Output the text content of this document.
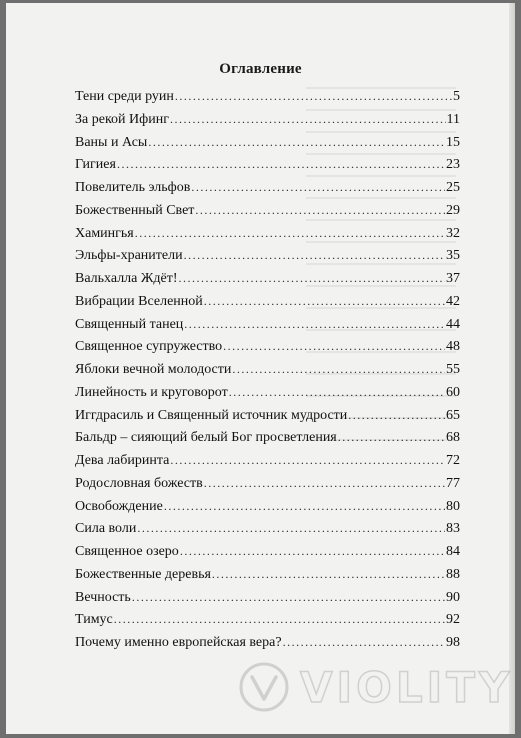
Оглавление
Тени среди руин .....	5
За рекой Ифинг .....	11
Ваны и Асы .....	15
Гигиея .....	23
Повелитель эльфов .....	25
Божественный Свет .....	29
Хамингья .....	32
Эльфы-хранители .....	35
Вальхалла Ждёт! .....	37
Вибрации Вселенной .....	42
Священный танец .....	44
Священное супружество .....	48
Яблоки вечной молодости .....	55
Линейность и круговорот .....	60
Иггдрасиль и Священный источник мудрости .....	65
Бальдр – сияющий белый Бог просветления .....	68
Дева лабиринта .....	72
Родословная божеств .....	77
Освобождение .....	80
Сила воли .....	83
Священное озеро .....	84
Божественные деревья .....	88
Вечность .....	90
Тимус .....	92
Почему именно европейская вера? .....	98
VIOLITY
